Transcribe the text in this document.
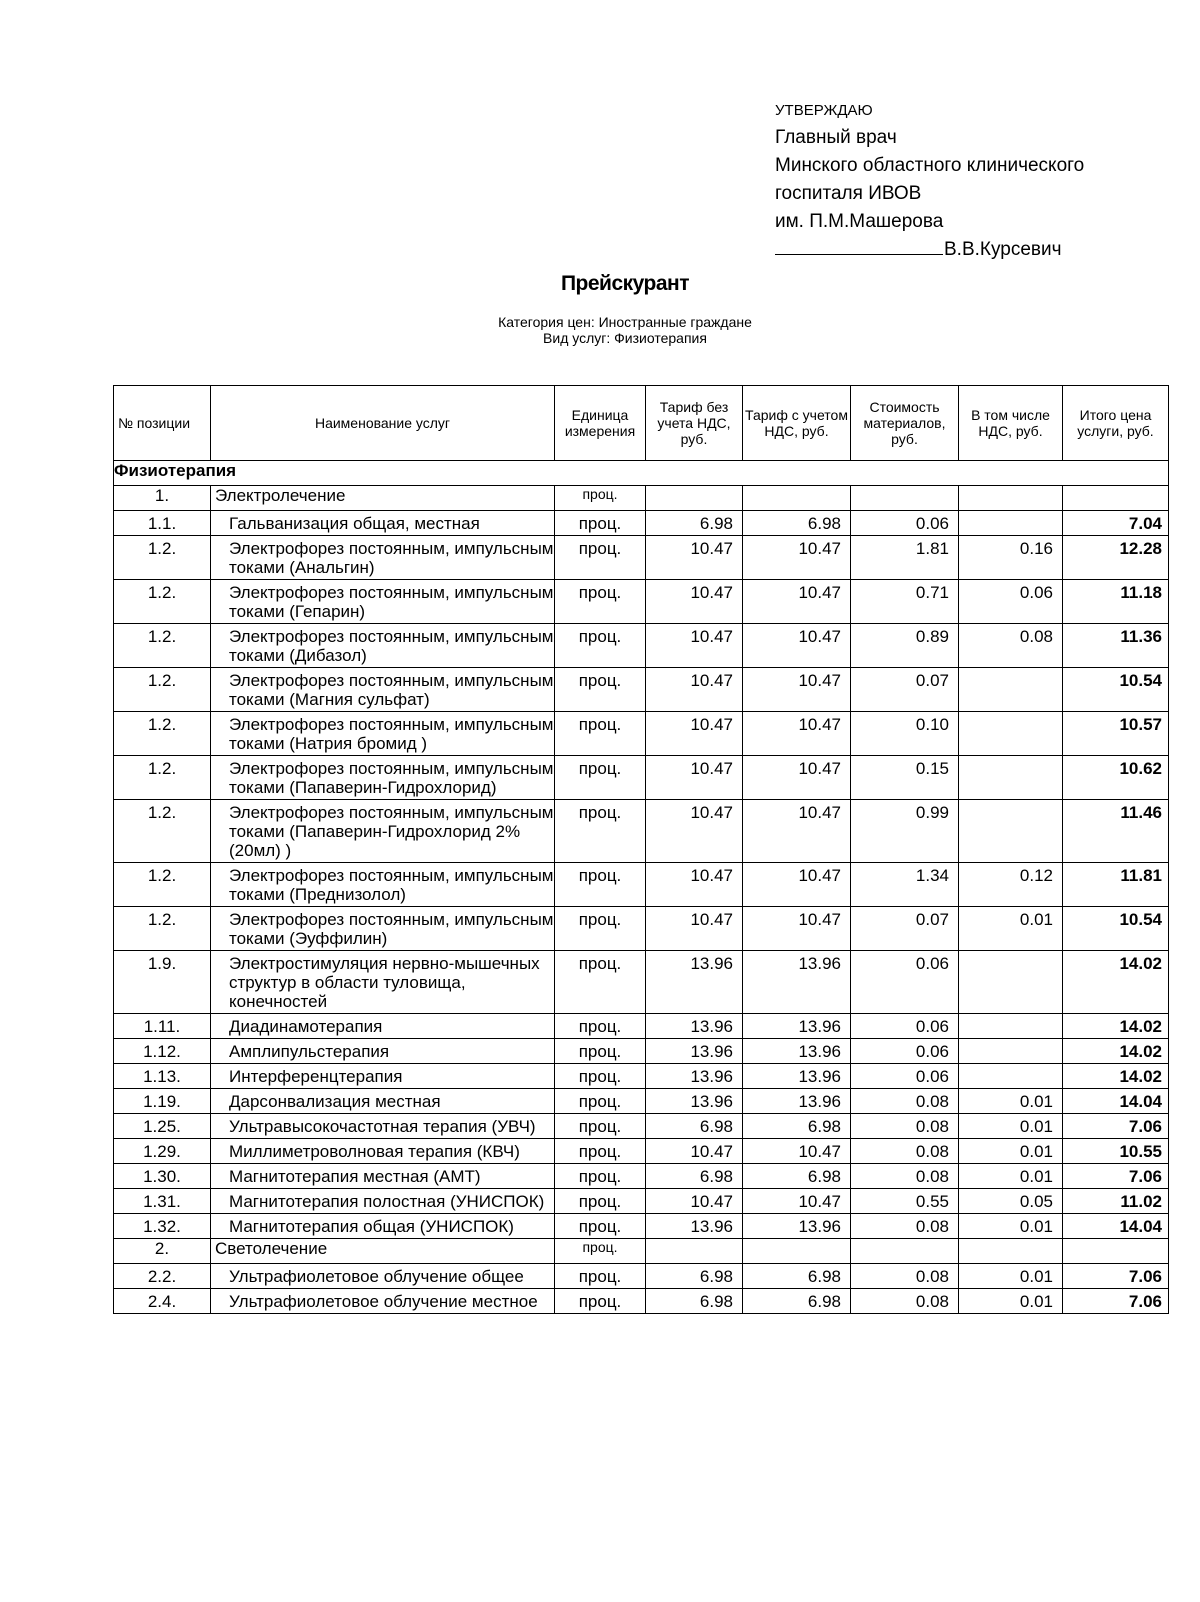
УТВЕРЖДАЮ
Главный врач
Минского областного клинического
госпиталя ИВОВ
им. П.М.Машерова
В.В.Курсевич
Прейскурант
Категория цен: Иностранные граждане
Вид услуг: Физиотерапия
№ позиции	Наименование услуг	Единица измерения	Тариф без учета НДС, руб.	Тариф с учетом НДС, руб.	Стоимость материалов, руб.	В том числе НДС, руб.	Итого цена услуги, руб.
Физиотерапия							
1.	Электролечение	проц.					
1.1.	Гальванизация общая, местная	проц.	6.98	6.98	0.06		7.04
1.2.	Электрофорез постоянным, импульсным токами (Анальгин)	проц.	10.47	10.47	1.81	0.16	12.28
1.2.	Электрофорез постоянным, импульсным токами (Гепарин)	проц.	10.47	10.47	0.71	0.06	11.18
1.2.	Электрофорез постоянным, импульсным токами (Дибазол)	проц.	10.47	10.47	0.89	0.08	11.36
1.2.	Электрофорез постоянным, импульсным токами (Магния сульфат)	проц.	10.47	10.47	0.07		10.54
1.2.	Электрофорез постоянным, импульсным токами (Натрия бромид )	проц.	10.47	10.47	0.10		10.57
1.2.	Электрофорез постоянным, импульсным токами (Папаверин-Гидрохлорид)	проц.	10.47	10.47	0.15		10.62
1.2.	Электрофорез постоянным, импульсным токами (Папаверин-Гидрохлорид 2% (20мл) )	проц.	10.47	10.47	0.99		11.46
1.2.	Электрофорез постоянным, импульсным токами (Преднизолол)	проц.	10.47	10.47	1.34	0.12	11.81
1.2.	Электрофорез постоянным, импульсным токами (Эуффилин)	проц.	10.47	10.47	0.07	0.01	10.54
1.9.	Электростимуляция нервно-мышечных структур в области туловища, конечностей	проц.	13.96	13.96	0.06		14.02
1.11.	Диадинамотерапия	проц.	13.96	13.96	0.06		14.02
1.12.	Амплипульстерапия	проц.	13.96	13.96	0.06		14.02
1.13.	Интерференцтерапия	проц.	13.96	13.96	0.06		14.02
1.19.	Дарсонвализация местная	проц.	13.96	13.96	0.08	0.01	14.04
1.25.	Ультравысокочастотная терапия (УВЧ)	проц.	6.98	6.98	0.08	0.01	7.06
1.29.	Миллиметроволновая терапия (КВЧ)	проц.	10.47	10.47	0.08	0.01	10.55
1.30.	Магнитотерапия местная (АМТ)	проц.	6.98	6.98	0.08	0.01	7.06
1.31.	Магнитотерапия полостная (УНИСПОК)	проц.	10.47	10.47	0.55	0.05	11.02
1.32.	Магнитотерапия общая (УНИСПОК)	проц.	13.96	13.96	0.08	0.01	14.04
2.	Светолечение	проц.					
2.2.	Ультрафиолетовое облучение общее	проц.	6.98	6.98	0.08	0.01	7.06
2.4.	Ультрафиолетовое облучение местное	проц.	6.98	6.98	0.08	0.01	7.06
